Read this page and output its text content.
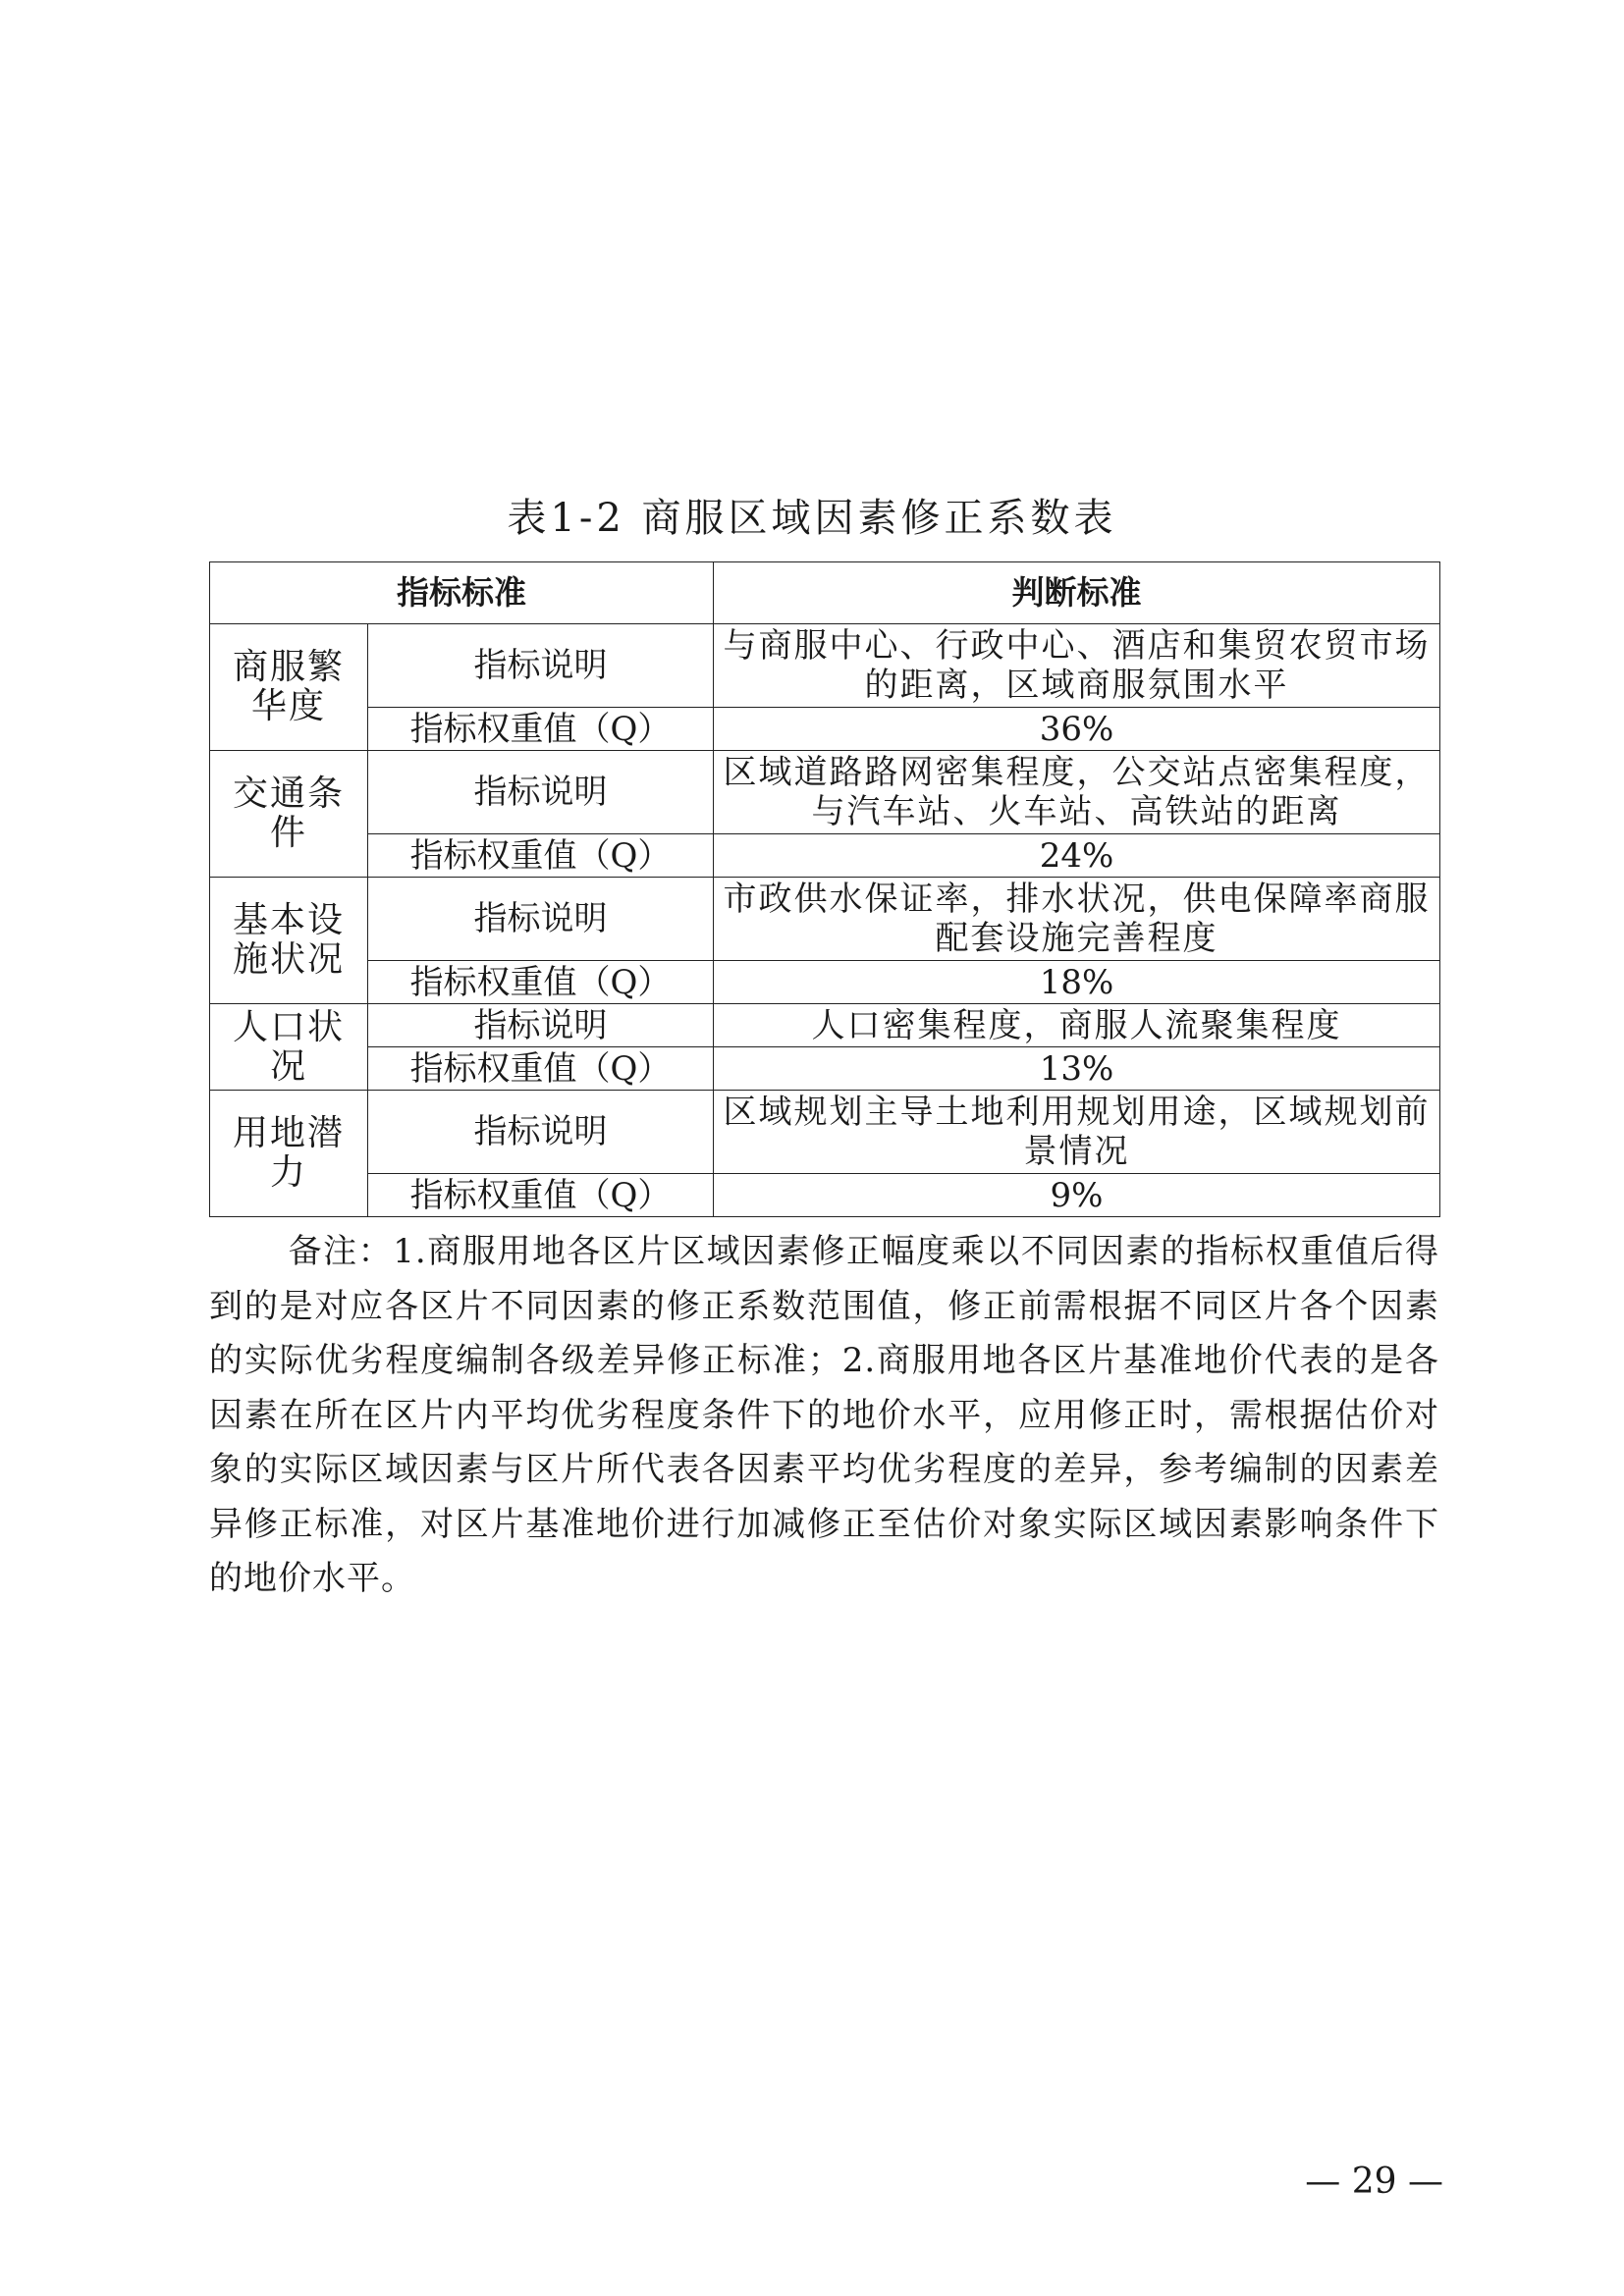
表1-2 商服区域因素修正系数表
指标标准		判断标准
商服繁华度	指标说明	与商服中心、行政中心、酒店和集贸农贸市场的距离，区域商服氛围水平
	指标权重值（Q）	36%
交通条件	指标说明	区域道路路网密集程度，公交站点密集程度，与汽车站、火车站、高铁站的距离
	指标权重值（Q）	24%
基本设施状况	指标说明	市政供水保证率，排水状况，供电保障率商服配套设施完善程度
	指标权重值（Q）	18%
人口状况	指标说明	人口密集程度，商服人流聚集程度
	指标权重值（Q）	13%
用地潜力	指标说明	区域规划主导土地利用规划用途，区域规划前景情况
	指标权重值（Q）	9%
备注：1.商服用地各区片区域因素修正幅度乘以不同因素的指标权重值后得到的是对应各区片不同因素的修正系数范围值，修正前需根据不同区片各个因素的实际优劣程度编制各级差异修正标准；2.商服用地各区片基准地价代表的是各因素在所在区片内平均优劣程度条件下的地价水平，应用修正时，需根据估价对象的实际区域因素与区片所代表各因素平均优劣程度的差异，参考编制的因素差异修正标准，对区片基准地价进行加减修正至估价对象实际区域因素影响条件下的地价水平。
— 29 —
